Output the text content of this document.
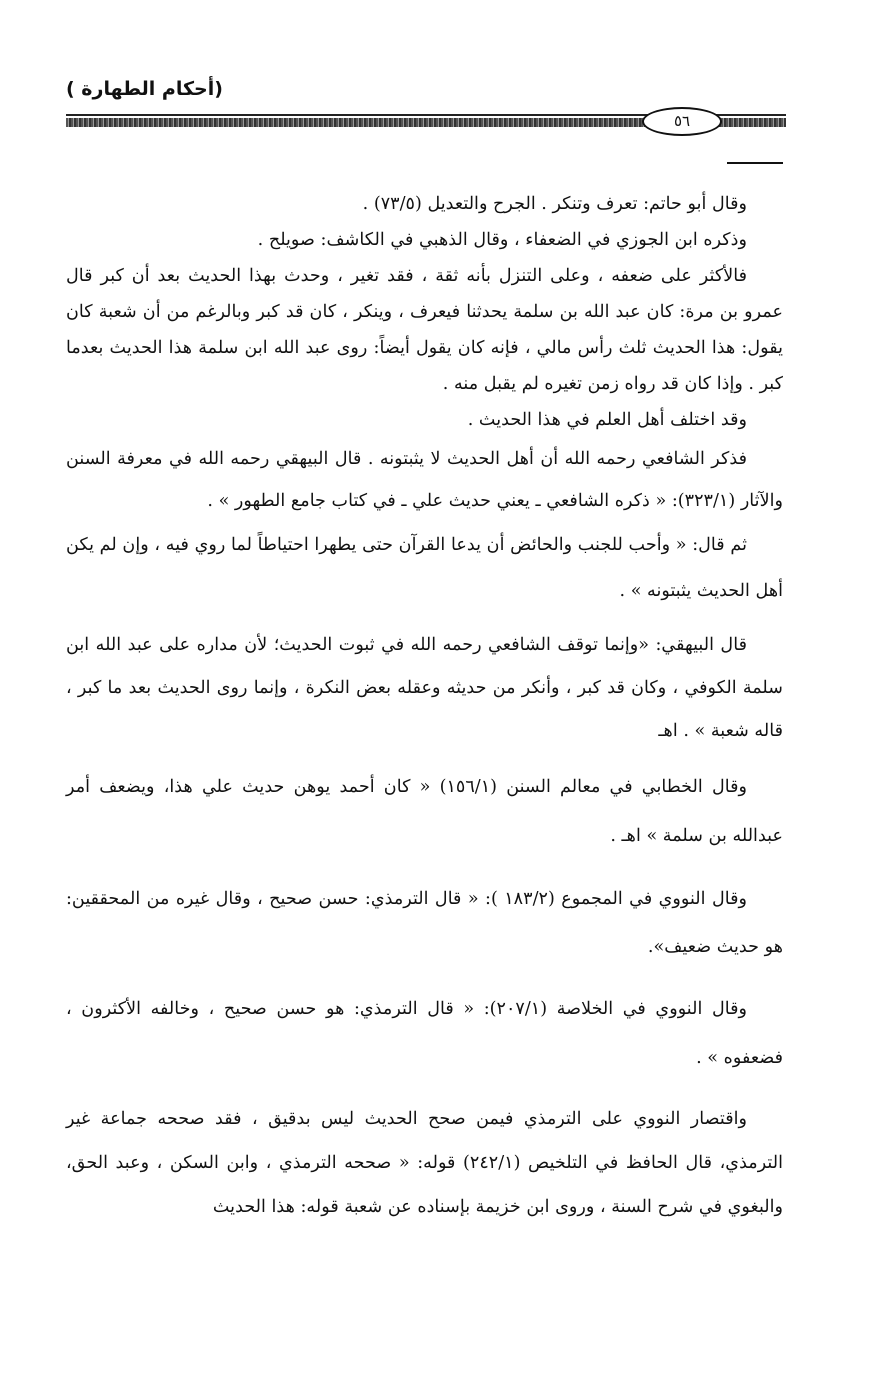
(أحكام الطهارة )
٥٦

وقال أبو حاتم: تعرف وتنكر . الجرح والتعديل (٧٣/٥) .

وذكره ابن الجوزي في الضعفاء ، وقال الذهبي في الكاشف: صويلح .

فالأكثر على ضعفه ، وعلى التنزل بأنه ثقة ، فقد تغير ، وحدث بهذا الحديث بعد أن كبر قال عمرو بن مرة: كان عبد الله بن سلمة يحدثنا فيعرف ، وينكر ، كان قد كبر وبالرغم من أن شعبة كان يقول: هذا الحديث ثلث رأس مالي ، فإنه كان يقول أيضاً: روى عبد الله ابن سلمة هذا الحديث بعدما كبر . وإذا كان قد رواه زمن تغيره لم يقبل منه .

وقد اختلف أهل العلم في هذا الحديث .

فذكر الشافعي رحمه الله أن أهل الحديث لا يثبتونه . قال البيهقي رحمه الله في معرفة السنن والآثار (٣٢٣/١): « ذكره الشافعي ـ يعني حديث علي ـ في كتاب جامع الطهور » .

ثم قال: « وأحب للجنب والحائض أن يدعا القرآن حتى يطهرا احتياطاً لما روي فيه ، وإن لم يكن أهل الحديث يثبتونه » .

قال البيهقي: «وإنما توقف الشافعي رحمه الله في ثبوت الحديث؛ لأن مداره على عبد الله ابن سلمة الكوفي ، وكان قد كبر ، وأنكر من حديثه وعقله بعض النكرة ، وإنما روى الحديث بعد ما كبر ، قاله شعبة » . اهـ

وقال الخطابي في معالم السنن (١٥٦/١) « كان أحمد يوهن حديث علي هذا، ويضعف أمر عبدالله بن سلمة » اهـ .

وقال النووي في المجموع (١٨٣/٢ ): « قال الترمذي: حسن صحيح ، وقال غيره من المحققين: هو حديث ضعيف».

وقال النووي في الخلاصة (٢٠٧/١): « قال الترمذي: هو حسن صحيح ، وخالفه الأكثرون ، فضعفوه » .

واقتصار النووي على الترمذي فيمن صحح الحديث ليس بدقيق ، فقد صححه جماعة غير الترمذي، قال الحافظ في التلخيص (٢٤٢/١) قوله: « صححه الترمذي ، وابن السكن ، وعبد الحق، والبغوي في شرح السنة ، وروى ابن خزيمة بإسناده عن شعبة قوله: هذا الحديث
